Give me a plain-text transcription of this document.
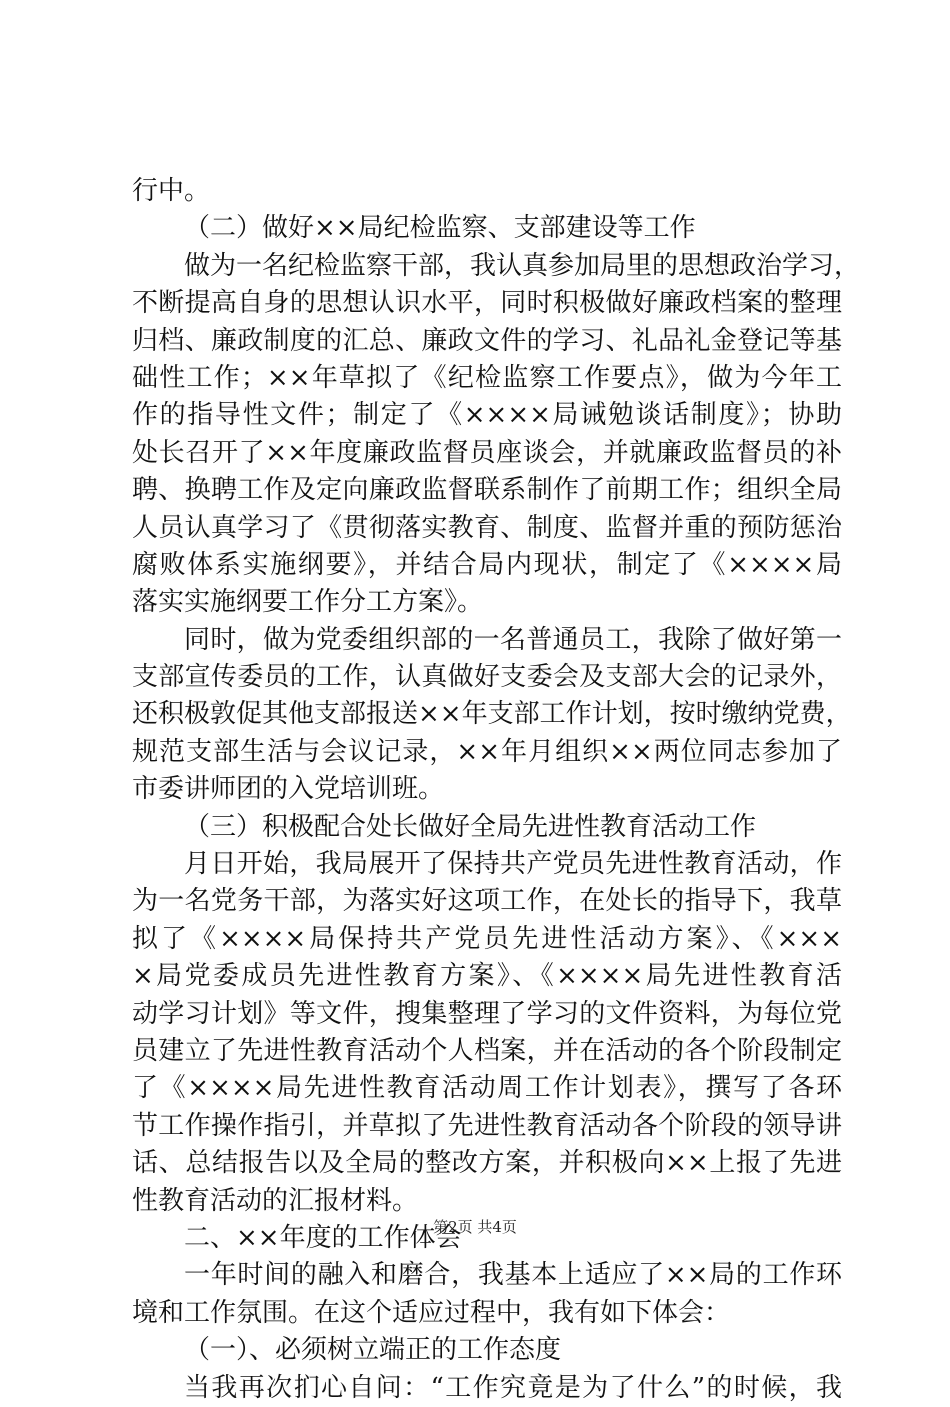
行中。
（二）做好××局纪检监察、支部建设等工作
做为一名纪检监察干部，我认真参加局里的思想政治学习，
不断提高自身的思想认识水平，同时积极做好廉政档案的整理
归档、廉政制度的汇总、廉政文件的学习、礼品礼金登记等基
础性工作；××年草拟了《纪检监察工作要点》，做为今年工
作的指导性文件；制定了《××××局诫勉谈话制度》；协助
处长召开了××年度廉政监督员座谈会，并就廉政监督员的补
聘、换聘工作及定向廉政监督联系制作了前期工作；组织全局
人员认真学习了《贯彻落实教育、制度、监督并重的预防惩治
腐败体系实施纲要》，并结合局内现状，制定了《××××局
落实实施纲要工作分工方案》。
同时，做为党委组织部的一名普通员工，我除了做好第一
支部宣传委员的工作，认真做好支委会及支部大会的记录外，
还积极敦促其他支部报送××年支部工作计划，按时缴纳党费，
规范支部生活与会议记录，××年月组织××两位同志参加了
市委讲师团的入党培训班。
（三）积极配合处长做好全局先进性教育活动工作
月日开始，我局展开了保持共产党员先进性教育活动，作
为一名党务干部，为落实好这项工作，在处长的指导下，我草
拟了《××××局保持共产党员先进性活动方案》、《×××
×局党委成员先进性教育方案》、《××××局先进性教育活
动学习计划》等文件，搜集整理了学习的文件资料，为每位党
员建立了先进性教育活动个人档案，并在活动的各个阶段制定
了《××××局先进性教育活动周工作计划表》，撰写了各环
节工作操作指引，并草拟了先进性教育活动各个阶段的领导讲
话、总结报告以及全局的整改方案，并积极向××上报了先进
性教育活动的汇报材料。
二、××年度的工作体会
一年时间的融入和磨合，我基本上适应了××局的工作环
境和工作氛围。在这个适应过程中，我有如下体会：
（一）、必须树立端正的工作态度
当我再次扪心自问：“工作究竟是为了什么”的时候，我
第2页 共4页
